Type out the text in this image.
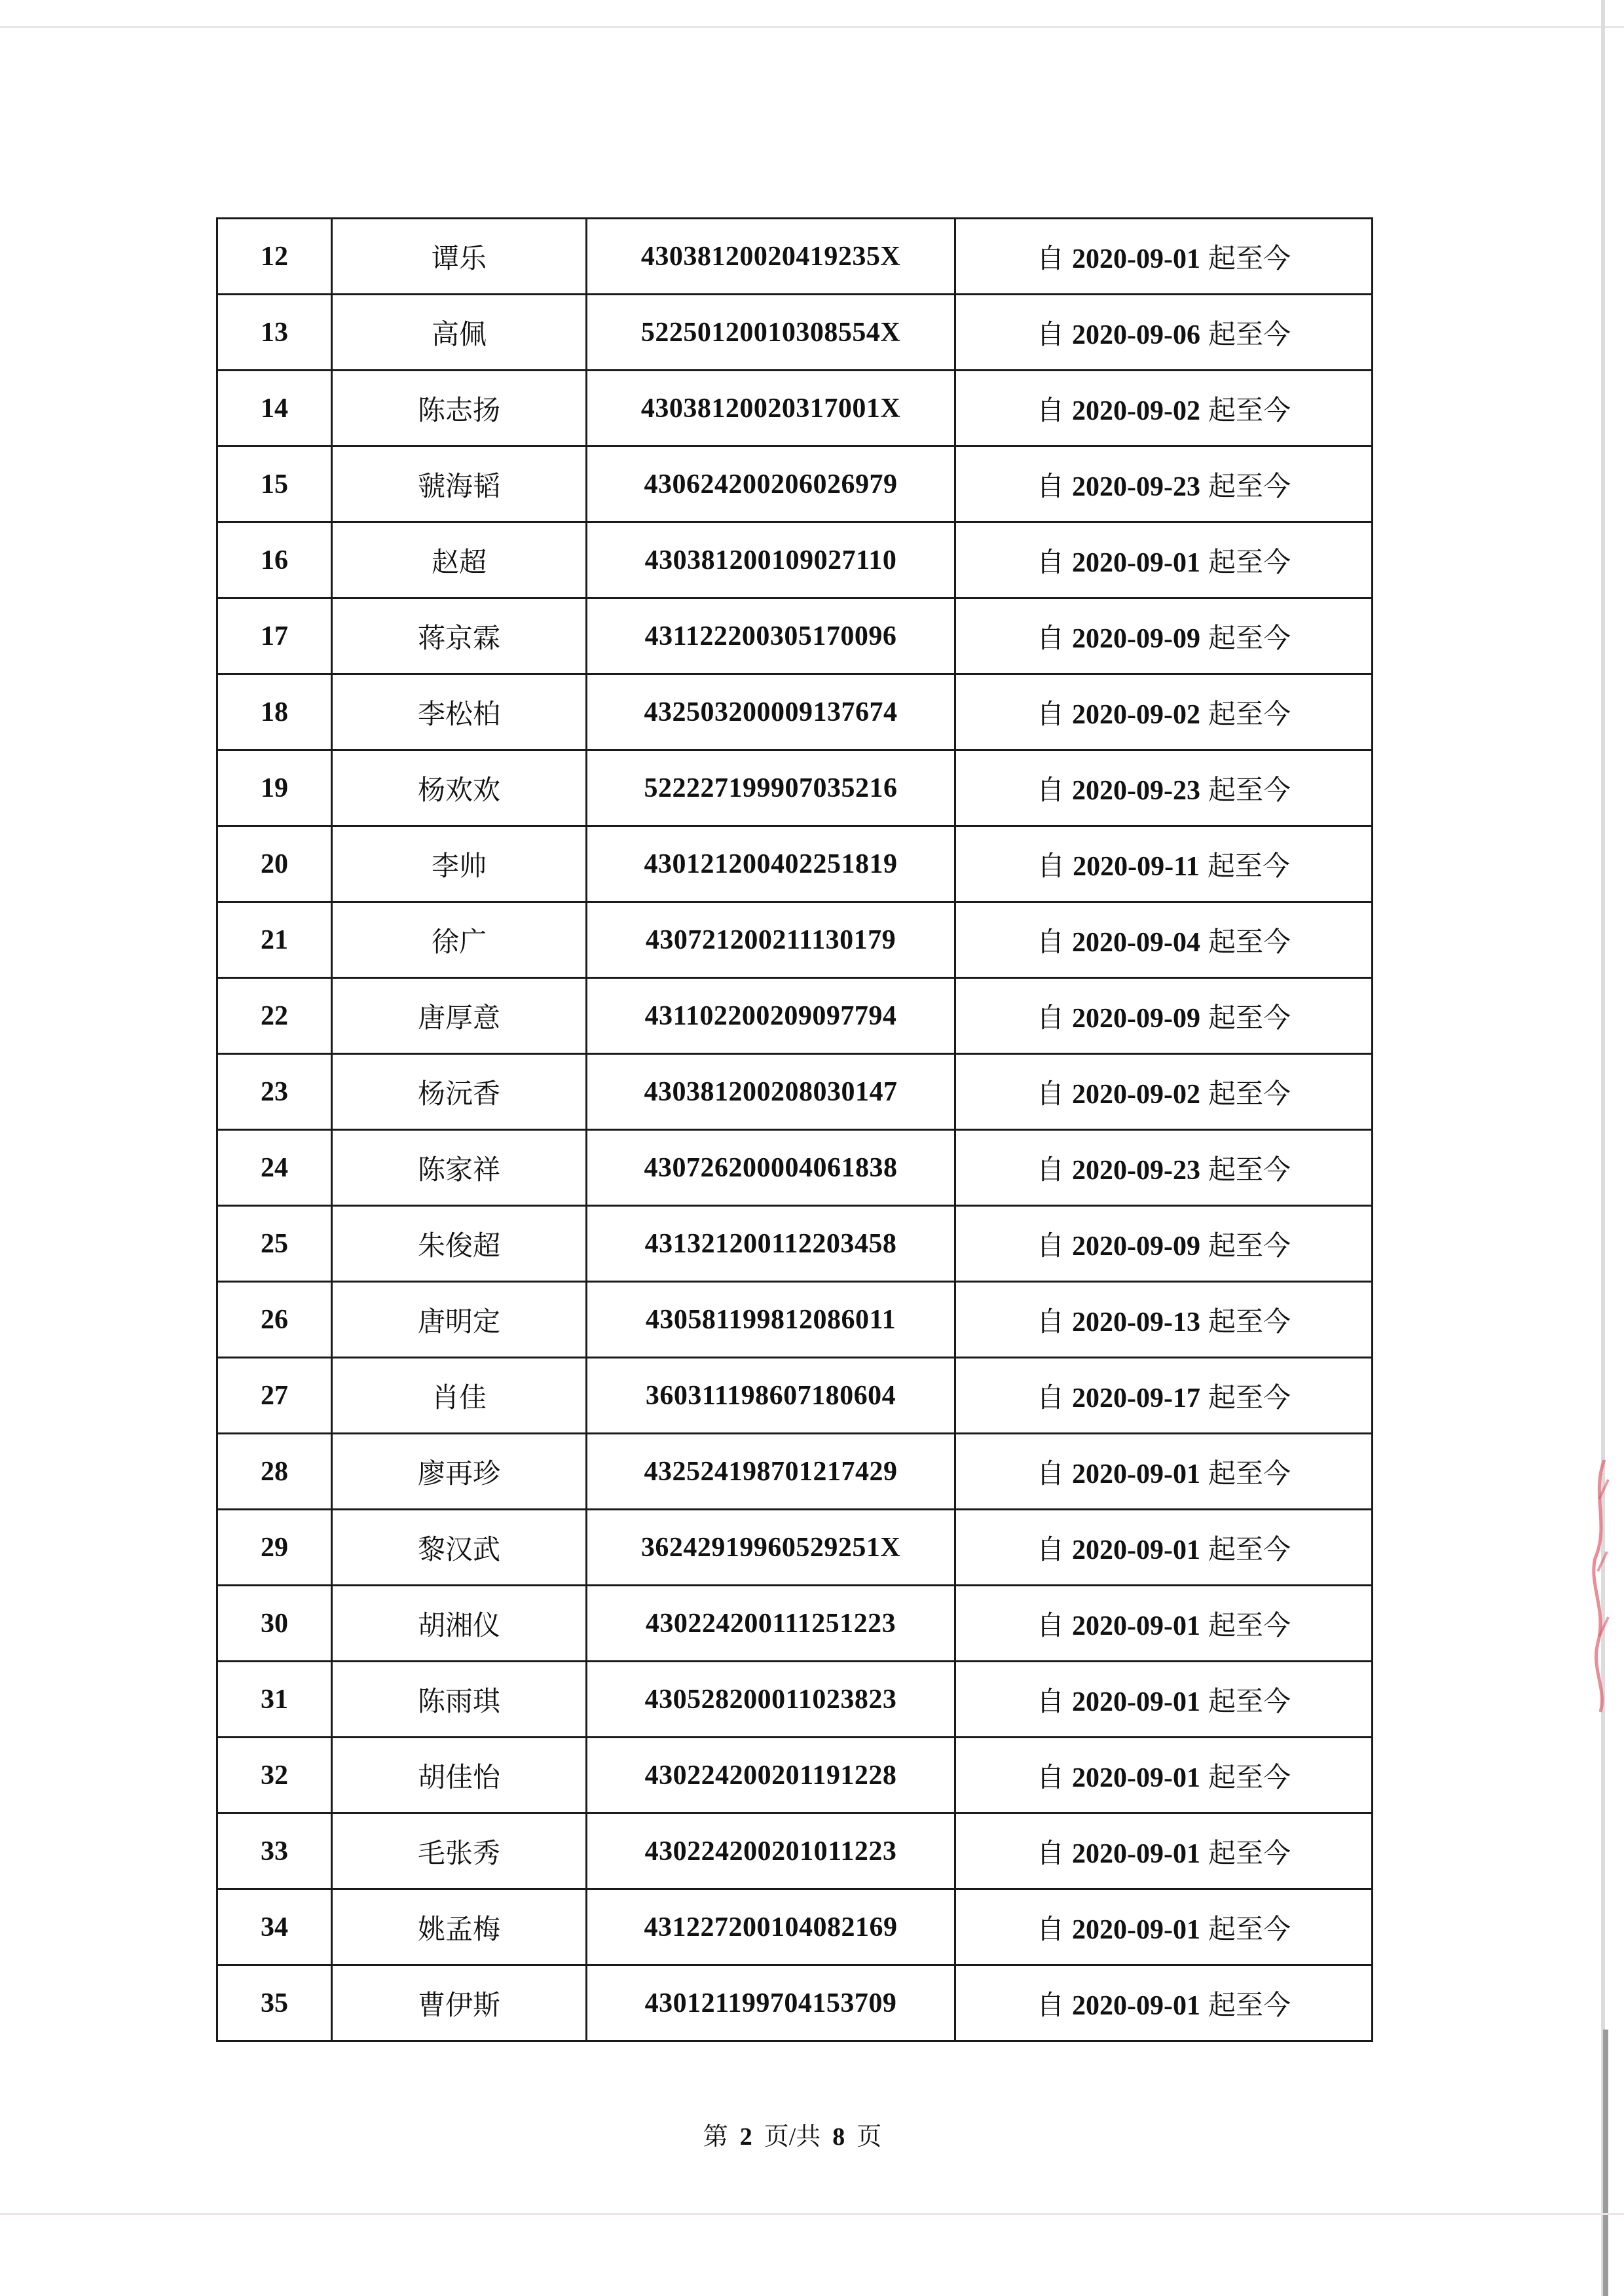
12	谭乐	43038120020419235X	自 2020-09-01 起至今
13	高佩	52250120010308554X	自 2020-09-06 起至今
14	陈志扬	43038120020317001X	自 2020-09-02 起至今
15	虢海韬	430624200206026979	自 2020-09-23 起至今
16	赵超	430381200109027110	自 2020-09-01 起至今
17	蒋京霖	431122200305170096	自 2020-09-09 起至今
18	李松柏	432503200009137674	自 2020-09-02 起至今
19	杨欢欢	522227199907035216	自 2020-09-23 起至今
20	李帅	430121200402251819	自 2020-09-11 起至今
21	徐广	430721200211130179	自 2020-09-04 起至今
22	唐厚意	431102200209097794	自 2020-09-09 起至今
23	杨沅香	430381200208030147	自 2020-09-02 起至今
24	陈家祥	430726200004061838	自 2020-09-23 起至今
25	朱俊超	431321200112203458	自 2020-09-09 起至今
26	唐明定	430581199812086011	自 2020-09-13 起至今
27	肖佳	360311198607180604	自 2020-09-17 起至今
28	廖再珍	432524198701217429	自 2020-09-01 起至今
29	黎汉武	36242919960529251X	自 2020-09-01 起至今
30	胡湘仪	430224200111251223	自 2020-09-01 起至今
31	陈雨琪	430528200011023823	自 2020-09-01 起至今
32	胡佳怡	430224200201191228	自 2020-09-01 起至今
33	毛张秀	430224200201011223	自 2020-09-01 起至今
34	姚孟梅	431227200104082169	自 2020-09-01 起至今
35	曹伊斯	430121199704153709	自 2020-09-01 起至今
第 2 页/共 8 页
